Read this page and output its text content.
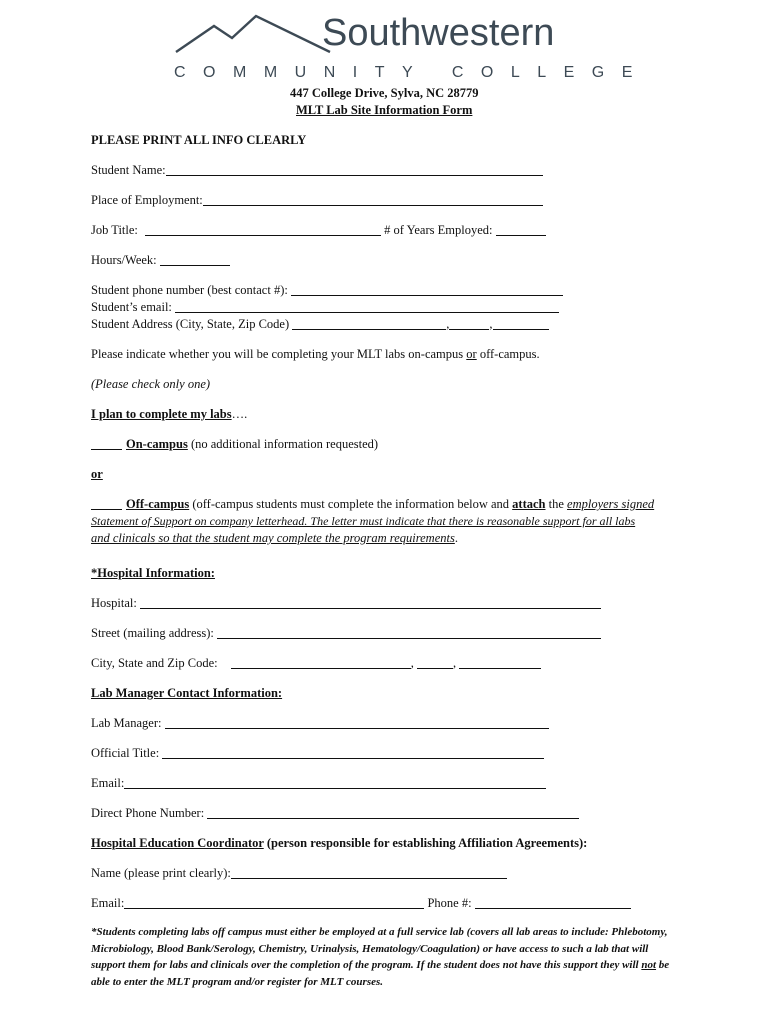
Southwestern
COMMUNITY COLLEGE
447 College Drive, Sylva, NC 28779
MLT Lab Site Information Form
PLEASE PRINT ALL INFO CLEARLY
Student Name:
Place of Employment:
Job Title:	# of Years Employed:
Hours/Week:
Student phone number (best contact #):
Student’s email:
Student Address (City, State, Zip Code)	,	,
Please indicate whether you will be completing your MLT labs on-campus or off-campus.
(Please check only one)
I plan to complete my labs….
On-campus (no additional information requested)
or
Off-campus (off-campus students must complete the information below and attach the employers signed
Statement of Support on company letterhead. The letter must indicate that there is reasonable support for all labs
and clinicals so that the student may complete the program requirements.
*Hospital Information:
Hospital:
Street (mailing address):
City, State and Zip Code:	,	,
Lab Manager Contact Information:
Lab Manager:
Official Title:
Email:
Direct Phone Number:
Hospital Education Coordinator (person responsible for establishing Affiliation Agreements):
Name (please print clearly):
Email:	Phone #:
*Students completing labs off campus must either be employed at a full service lab (covers all lab areas to include: Phlebotomy, Microbiology, Blood Bank/Serology, Chemistry, Urinalysis, Hematology/Coagulation) or have access to such a lab that will support them for labs and clinicals over the completion of the program. If the student does not have this support they will not be able to enter the MLT program and/or register for MLT courses.
